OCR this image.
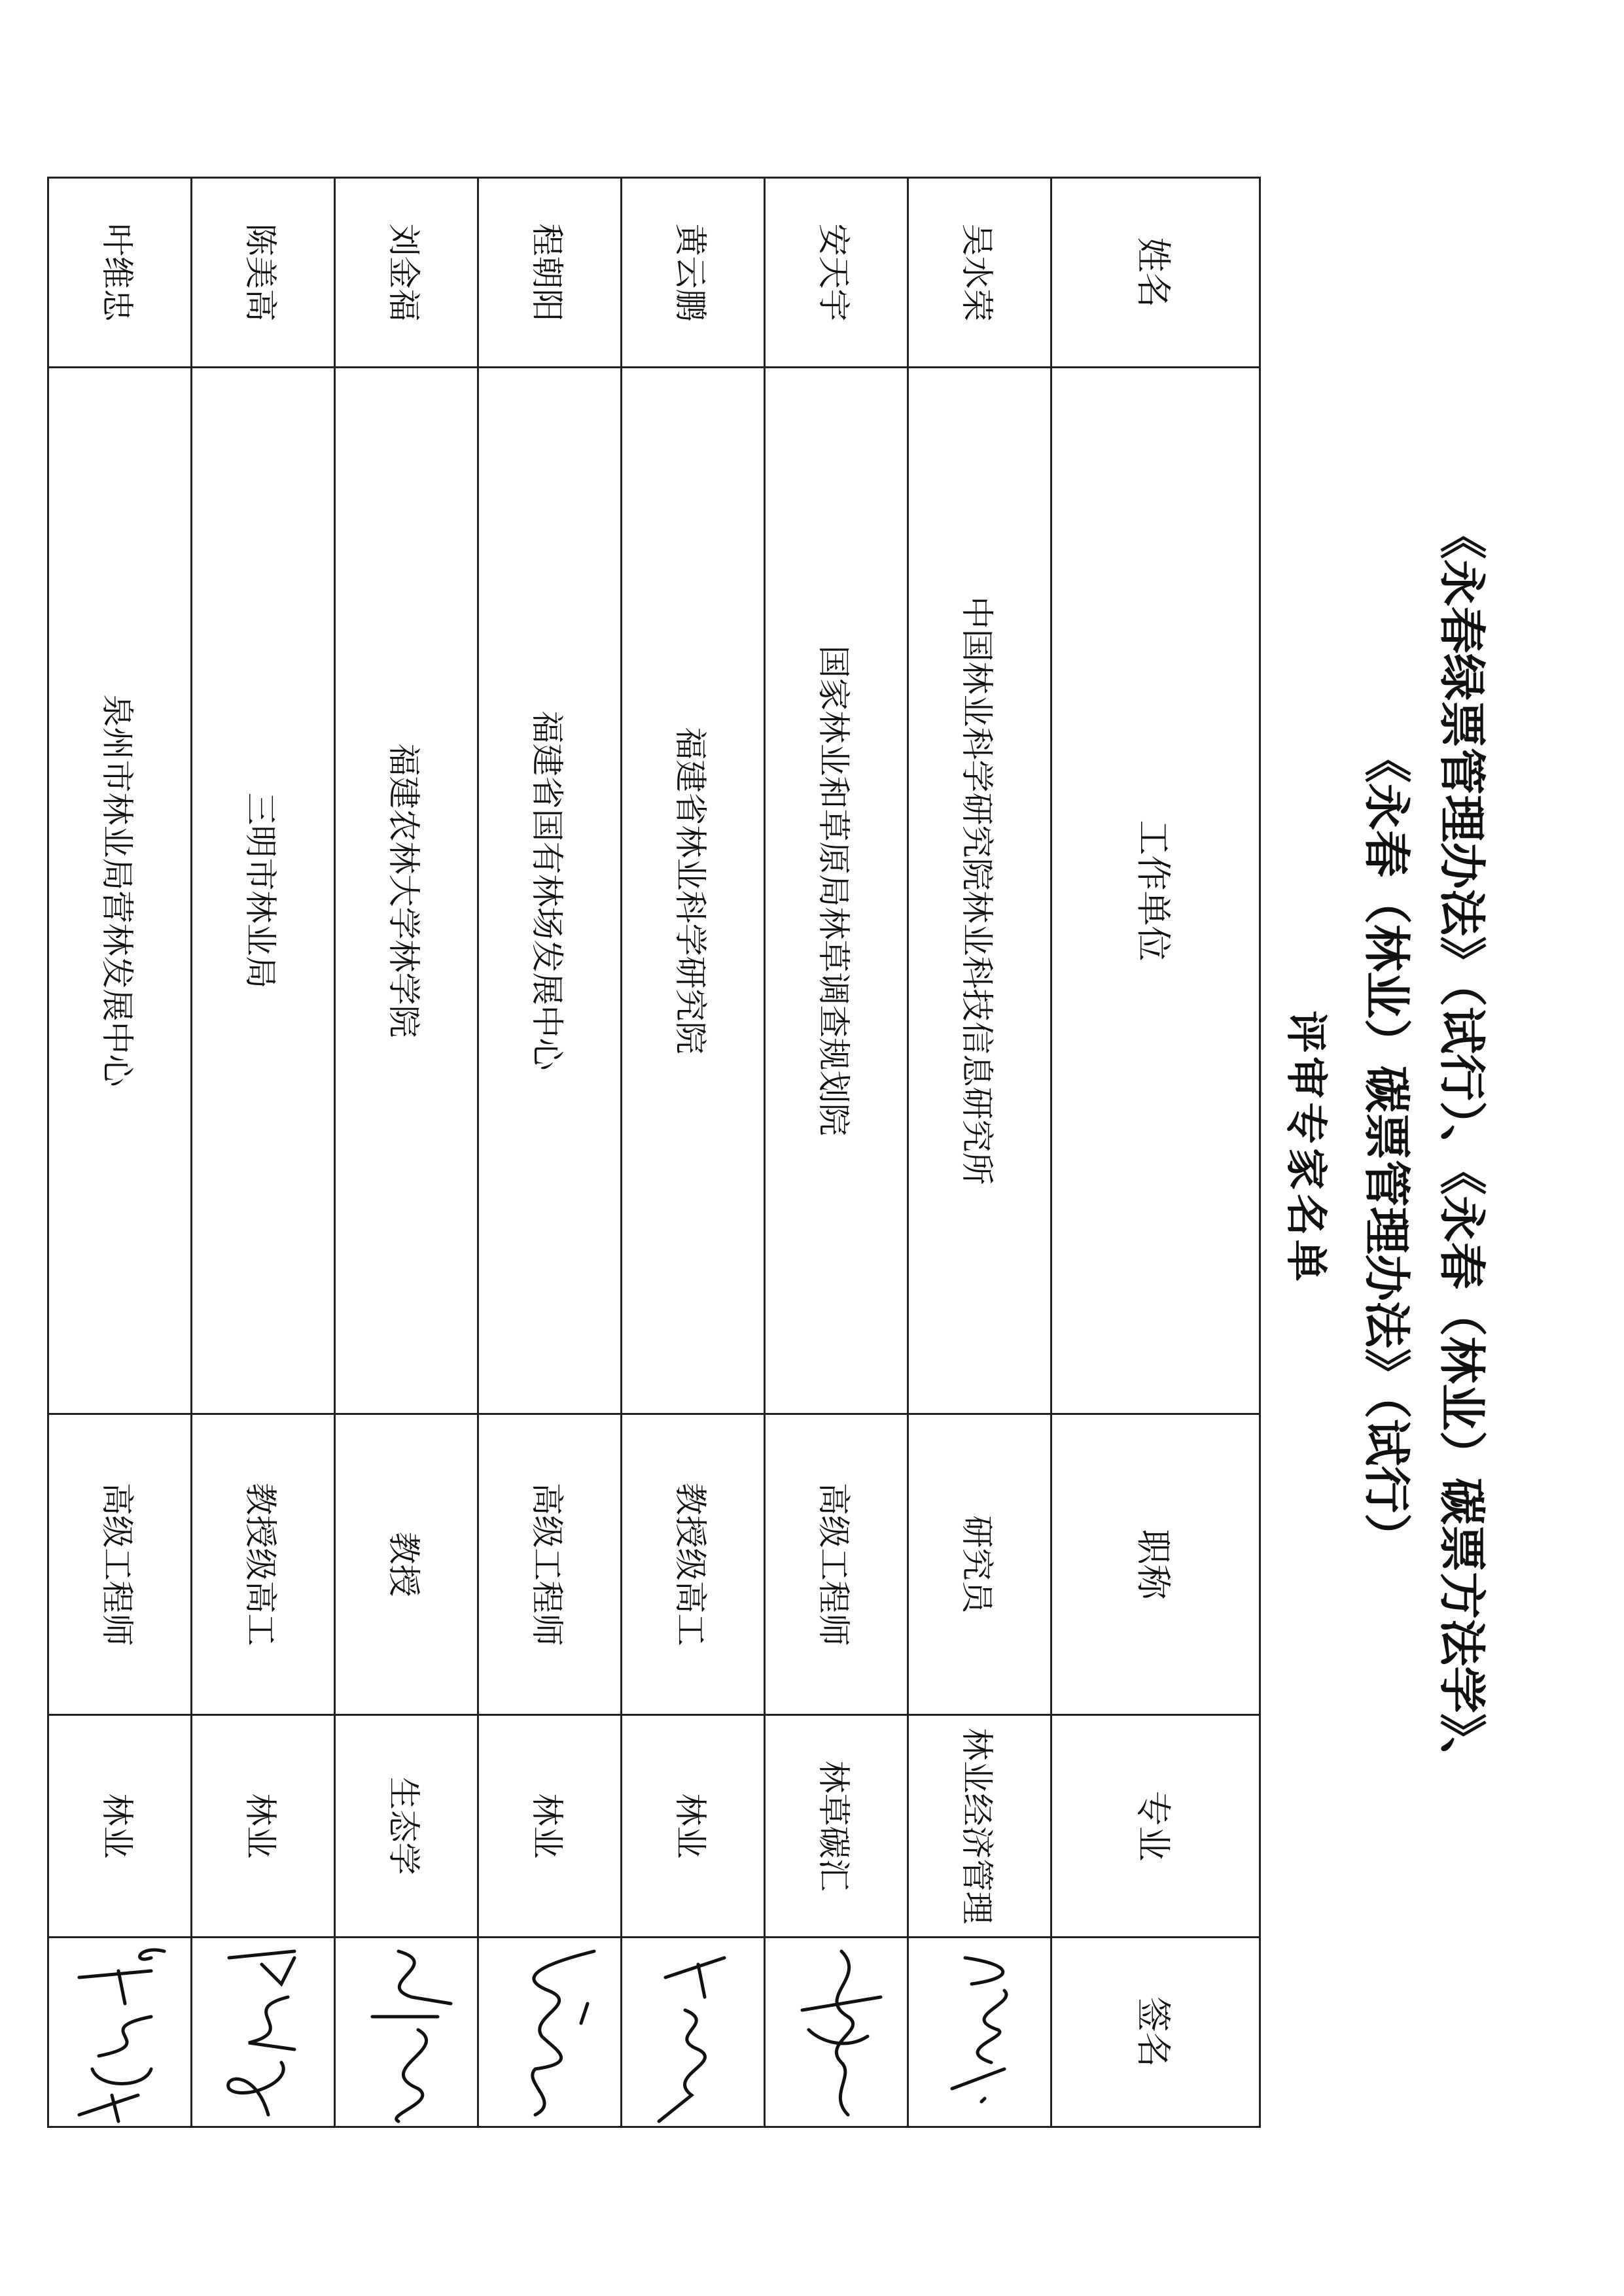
《永春绿票管理办法》（试行）、《永春（林业）碳票方法学》、
《永春（林业）碳票管理办法》（试行）
评审专家名单
姓名	工作单位	职称	专业	签名
吴水荣	中国林业科学研究院林业科技信息研究所	研究员	林业经济管理	

安天宇	国家林业和草原局林草调查规划院	高级工程师	林草碳汇	

黄云鹏	福建省林业科学研究院	教授级高工	林业	

程朝阳	福建省国有林场发展中心	高级工程师	林业	

刘金福	福建农林大学林学院	教授	生态学	

陈美高	三明市林业局	教授级高工	林业	

叶维忠	泉州市林业局营林发展中心	高级工程师	林业	
